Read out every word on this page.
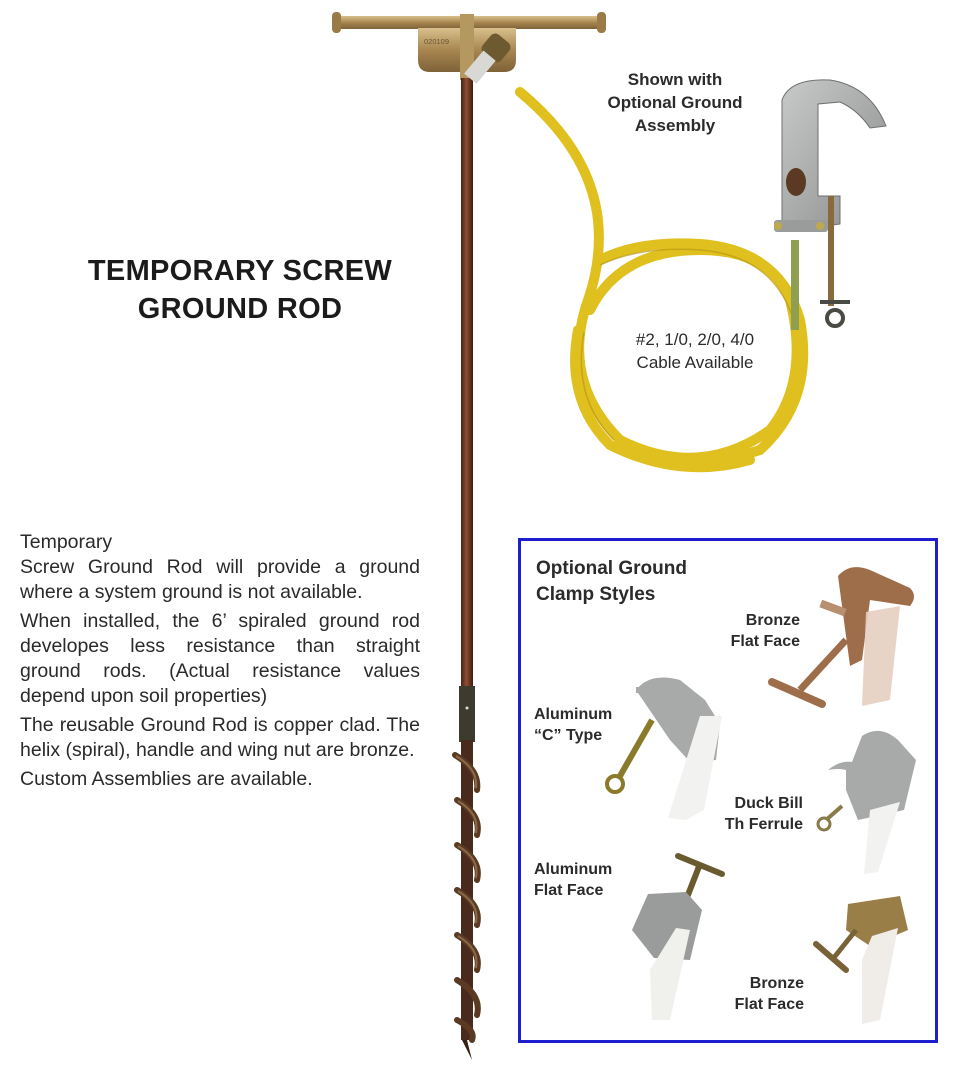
020109
TEMPORARY SCREW
GROUND ROD
Shown with
Optional Ground
Assembly
#2, 1/0, 2/0, 4/0
Cable Available

Temporary
Screw Ground Rod will provide a ground where a system ground is not available.

When installed, the 6’ spiraled ground rod developes less resistance than straight ground rods. (Actual resistance values depend upon soil properties)

The reusable Ground Rod is copper clad. The helix (spiral), handle and wing nut are bronze.

Custom Assemblies are available.

Optional Ground
Clamp Styles
Bronze
Flat Face
Aluminum
“C” Type
Duck Bill
Th Ferrule
Aluminum
Flat Face
Bronze
Flat Face
